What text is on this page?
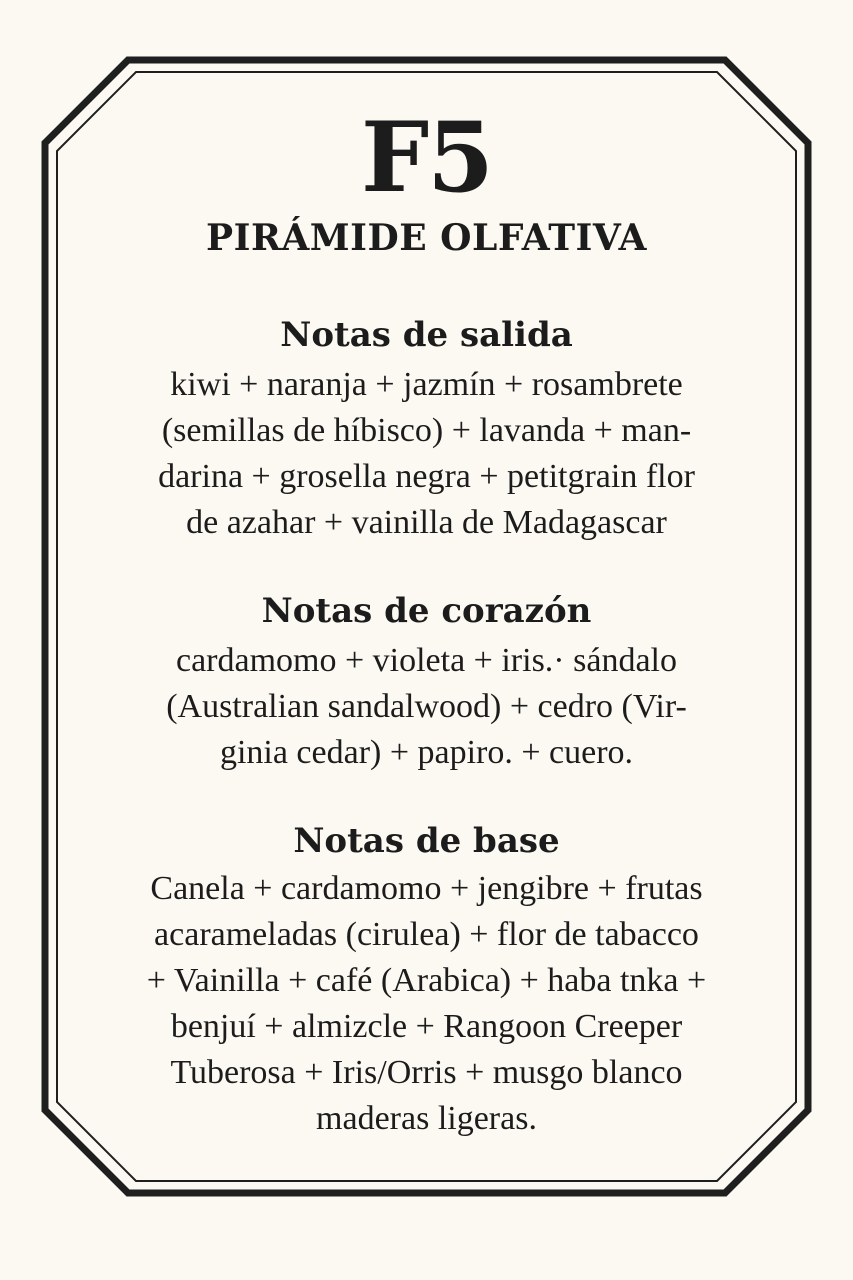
F5
PIRÁMIDE OLFATIVA
Notas de salida
kiwi + naranja + jazmín + rosambrete
(semillas de híbisco) + lavanda + man-
darina + grosella negra + petitgrain flor
de azahar + vainilla de Madagascar
Notas de corazón
cardamomo + violeta + iris.· sándalo
(Australian sandalwood) + cedro (Vir-
ginia cedar) + papiro. + cuero.
Notas de base
Canela + cardamomo + jengibre + frutas
acarameladas (cirulea) + flor de tabacco
+ Vainilla + café (Arabica) + haba tnka +
benjuí + almizcle + Rangoon Creeper
Tuberosa + Iris/Orris + musgo blanco
maderas ligeras.
